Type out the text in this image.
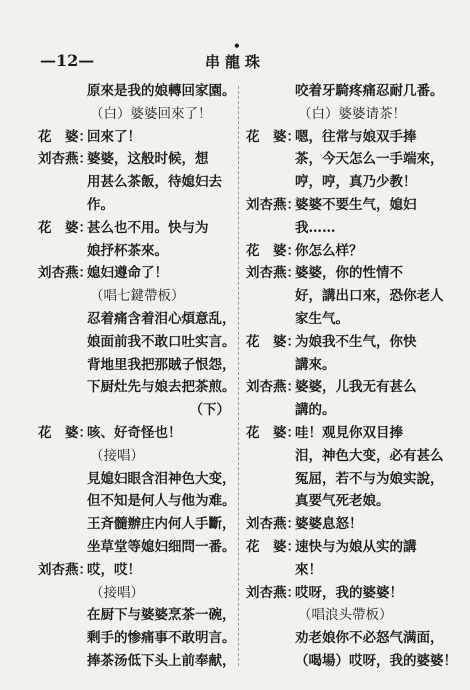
—12—
•
串龍珠
原來是我的娘轉回家園。
（白）婆婆回來了！
花　婆：
回來了！
刘杏燕：
婆婆，这般时候，想
用甚么茶飯，待媳妇去
作。
花　婆：
甚么也不用。快与为
娘抒杯茶來。
刘杏燕：
媳妇遵命了！
（唱七鍵帶板）
忍着痛含着泪心煩意乱，
娘面前我不敢口吐实言。
背地里我把那賊子恨怨，
下厨灶先与娘去把茶煎。
（下）
花　婆：
咳、好奇怪也！
（接唱）
見媳妇眼含泪神色大变，
但不知是何人与他为难。
王斉髓辦庄内何人手斷，
坐草堂等媳妇细問一番。
刘杏燕：
哎，哎！
（接唱）
在厨下与婆婆烹茶一碗，
剩手的惨痛事不敢明言。
捧茶汤低下头上前奉献，
咬着牙騎疼痛忍耐几番。
（白）婆婆请茶！
花　婆：
嗯，往常与娘双手捧
茶，今天怎么一手端來，
哼，哼，真乃少教！
刘杏燕：
婆婆不要生气，媳妇
我……
花　婆：
你怎么样？
刘杏燕：
婆婆，你的性情不
好，講出口來，恐你老人
家生气。
花　婆：
为娘我不生气，你快
講來。
刘杏燕：
婆婆，儿我无有甚么
講的。
花　婆：
哇！观見你双目捧
泪，神色大变，必有甚么
冤屈，若不与为娘实說，
真要气死老娘。
刘杏燕：
婆婆息怒！
花　婆：
速快与为娘从实的講
來！
刘杏燕：
哎呀，我的婆婆！
（唱浪头帶板）
劝老娘你不必怒气满面，
（喝場）哎呀，我的婆婆！
